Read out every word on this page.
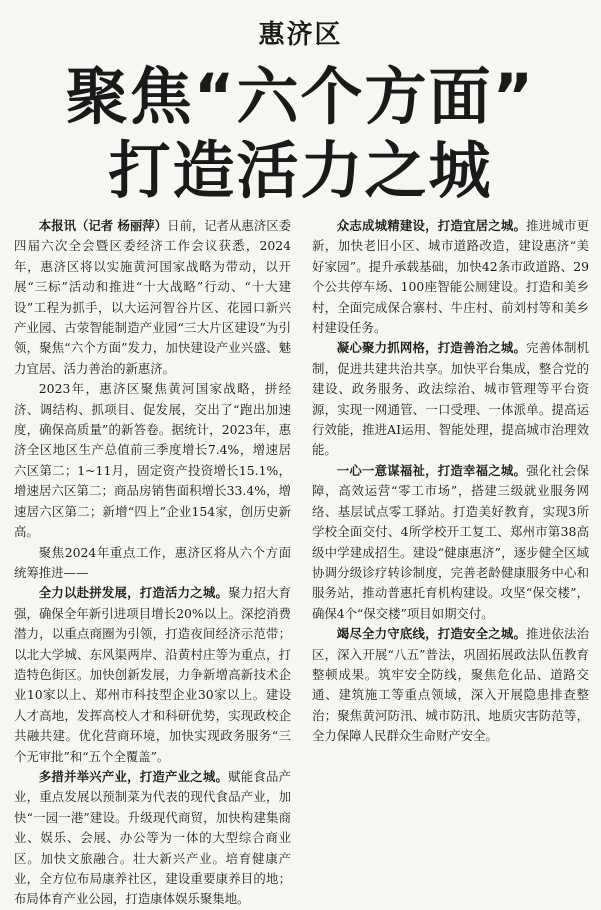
惠济区
聚焦“六个方面”
打造活力之城

本报讯（记者 杨丽萍）日前，记者从惠济区委四届六次全会暨区委经济工作会议获悉，2024年，惠济区将以实施黄河国家战略为带动，以开展“三标”活动和推进“十大战略”行动、“十大建设”工程为抓手，以大运河智谷片区、花园口新兴产业园、古荥智能制造产业园“三大片区建设”为引领，聚焦“六个方面”发力，加快建设产业兴盛、魅力宜居、活力善治的新惠济。

2023年，惠济区聚焦黄河国家战略，拼经济、调结构、抓项目、促发展，交出了“跑出加速度，确保高质量”的新答卷。据统计，2023年，惠济全区地区生产总值前三季度增长7.4%，增速居六区第二；1~11月，固定资产投资增长15.1%，增速居六区第二；商品房销售面积增长33.4%，增速居六区第二；新增“四上”企业154家，创历史新高。

聚焦2024年重点工作，惠济区将从六个方面统筹推进——

全力以赴拼发展，打造活力之城。聚力招大育强，确保全年新引进项目增长20%以上。深挖消费潜力，以重点商圈为引领，打造夜间经济示范带；以北大学城、东风渠两岸、沿黄村庄等为重点，打造特色街区。加快创新发展，力争新增高新技术企业10家以上、郑州市科技型企业30家以上。建设人才高地，发挥高校人才和科研优势，实现政校企共融共建。优化营商环境，加快实现政务服务“三个无审批”和“五个全覆盖”。

多措并举兴产业，打造产业之城。赋能食品产业，重点发展以预制菜为代表的现代食品产业，加快“一园一港”建设。升级现代商贸，加快构建集商业、娱乐、会展、办公等为一体的大型综合商业区。加快文旅融合。壮大新兴产业。培育健康产业，全方位布局康养社区，建设重要康养目的地；布局体育产业公园，打造康体娱乐聚集地。

众志成城精建设，打造宜居之城。推进城市更新，加快老旧小区、城市道路改造，建设惠济“美好家园”。提升承载基础，加快42条市政道路、29个公共停车场、100座智能公厕建设。打造和美乡村，全面完成保合寨村、牛庄村、前刘村等和美乡村建设任务。

凝心聚力抓网格，打造善治之城。完善体制机制，促进共建共治共享。加快平台集成，整合党的建设、政务服务、政法综治、城市管理等平台资源，实现一网通管、一口受理、一体派单。提高运行效能，推进AI运用、智能处理，提高城市治理效能。

一心一意谋福祉，打造幸福之城。强化社会保障，高效运营“零工市场”，搭建三级就业服务网络、基层试点零工驿站。打造美好教育，实现3所学校全面交付、4所学校开工复工、郑州市第38高级中学建成招生。建设“健康惠济”，逐步健全区域协调分级诊疗转诊制度，完善老龄健康服务中心和服务站，推动普惠托育机构建设。攻坚“保交楼”，确保4个“保交楼”项目如期交付。

竭尽全力守底线，打造安全之城。推进依法治区，深入开展“八五”普法，巩固拓展政法队伍教育整顿成果。筑牢安全防线，聚焦危化品、道路交通、建筑施工等重点领域，深入开展隐患排查整治；聚焦黄河防汛、城市防汛、地质灾害防范等，全力保障人民群众生命财产安全。
